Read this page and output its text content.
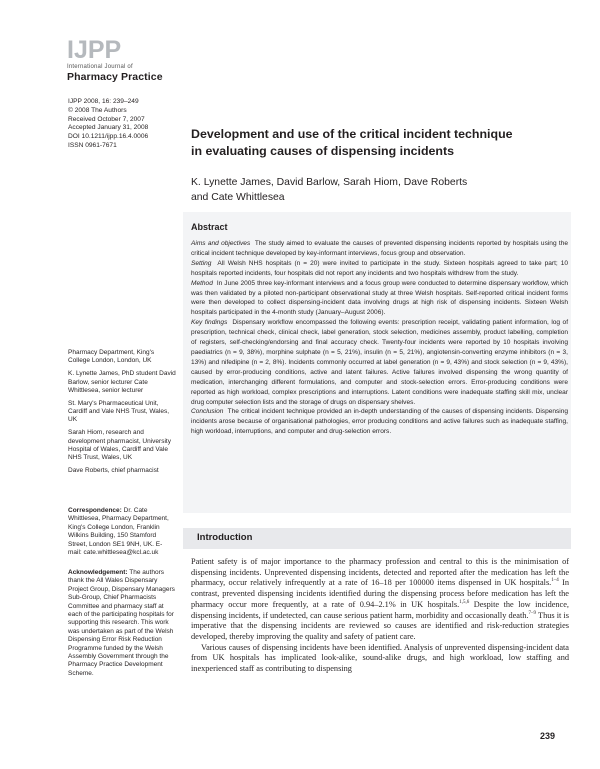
IJPP
International Journal of
Pharmacy Practice
IJPP 2008, 16: 239–249
© 2008 The Authors
Received October 7, 2007
Accepted January 31, 2008
DOI 10.1211/ijpp.16.4.0006
ISSN 0961-7671

Pharmacy Department, King's College London, London, UK

K. Lynette James, PhD student David Barlow, senior lecturer Cate Whittlesea, senior lecturer

St. Mary's Pharmaceutical Unit, Cardiff and Vale NHS Trust, Wales, UK

Sarah Hiom, research and development pharmacist, University Hospital of Wales, Cardiff and Vale NHS Trust, Wales, UK

Dave Roberts, chief pharmacist

Correspondence: Dr. Cate Whittlesea, Pharmacy Department, King's College London, Franklin Wilkins Building, 150 Stamford Street, London SE1 9NH, UK. E-mail: cate.whittlesea@kcl.ac.uk
Acknowledgement: The authors thank the All Wales Dispensary Project Group, Dispensary Managers Sub-Group, Chief Pharmacists Committee and pharmacy staff at each of the participating hospitals for supporting this research. This work was undertaken as part of the Welsh Dispensing Error Risk Reduction Programme funded by the Welsh Assembly Government through the Pharmacy Practice Development Scheme.
Development and use of the critical incident technique
in evaluating causes of dispensing incidents
K. Lynette James, David Barlow, Sarah Hiom, Dave Roberts
and Cate Whittlesea
Abstract

Aims and objectives The study aimed to evaluate the causes of prevented dispensing incidents reported by hospitals using the critical incident technique developed by key-informant interviews, focus group and observation.

Setting All Welsh NHS hospitals (n = 20) were invited to participate in the study. Sixteen hospitals agreed to take part; 10 hospitals reported incidents, four hospitals did not report any incidents and two hospitals withdrew from the study.

Method In June 2005 three key-informant interviews and a focus group were conducted to determine dispensary workflow, which was then validated by a piloted non-participant observational study at three Welsh hospitals. Self-reported critical incident forms were then developed to collect dispensing-incident data involving drugs at high risk of dispensing incidents. Sixteen Welsh hospitals participated in the 4-month study (January–August 2006).

Key findings Dispensary workflow encompassed the following events: prescription receipt, validating patient information, log of prescription, technical check, clinical check, label generation, stock selection, medicines assembly, product labelling, completion of registers, self-checking/endorsing and final accuracy check. Twenty-four incidents were reported by 10 hospitals involving paediatrics (n = 9, 38%), morphine sulphate (n = 5, 21%), insulin (n = 5, 21%), angiotensin-converting enzyme inhibitors (n = 3, 13%) and nifedipine (n = 2, 8%). Incidents commonly occurred at label generation (n = 9, 43%) and stock selection (n = 9, 43%), caused by error-producing conditions, active and latent failures. Active failures involved dispensing the wrong quantity of medication, interchanging different formulations, and computer and stock-selection errors. Error-producing conditions were reported as high workload, complex prescriptions and interruptions. Latent conditions were inadequate staffing skill mix, unclear drug computer selection lists and the storage of drugs on dispensary shelves.

Conclusion The critical incident technique provided an in-depth understanding of the causes of dispensing incidents. Dispensing incidents arose because of organisational pathologies, error producing conditions and active failures such as inadequate staffing, high workload, interruptions, and computer and drug-selection errors.

Introduction

Patient safety is of major importance to the pharmacy profession and central to this is the minimisation of dispensing incidents. Unprevented dispensing incidents, detected and reported after the medication has left the pharmacy, occur relatively infrequently at a rate of 16–18 per 100000 items dispensed in UK hospitals.$^{1-4}$ In contrast, prevented dispensing incidents identified during the dispensing process before medication has left the pharmacy occur more frequently, at a rate of 0.94–2.1% in UK hospitals.$^{1,5,6}$ Despite the low incidence, dispensing incidents, if undetected, can cause serious patient harm, morbidity and occasionally death.$^{7-9}$ Thus it is imperative that the dispensing incidents are reviewed so causes are identified and risk-reduction strategies developed, thereby improving the quality and safety of patient care.

Various causes of dispensing incidents have been identified. Analysis of unprevented dispensing-incident data from UK hospitals has implicated look-alike, sound-alike drugs, and high workload, low staffing and inexperienced staff as contributing to dispensing

239
